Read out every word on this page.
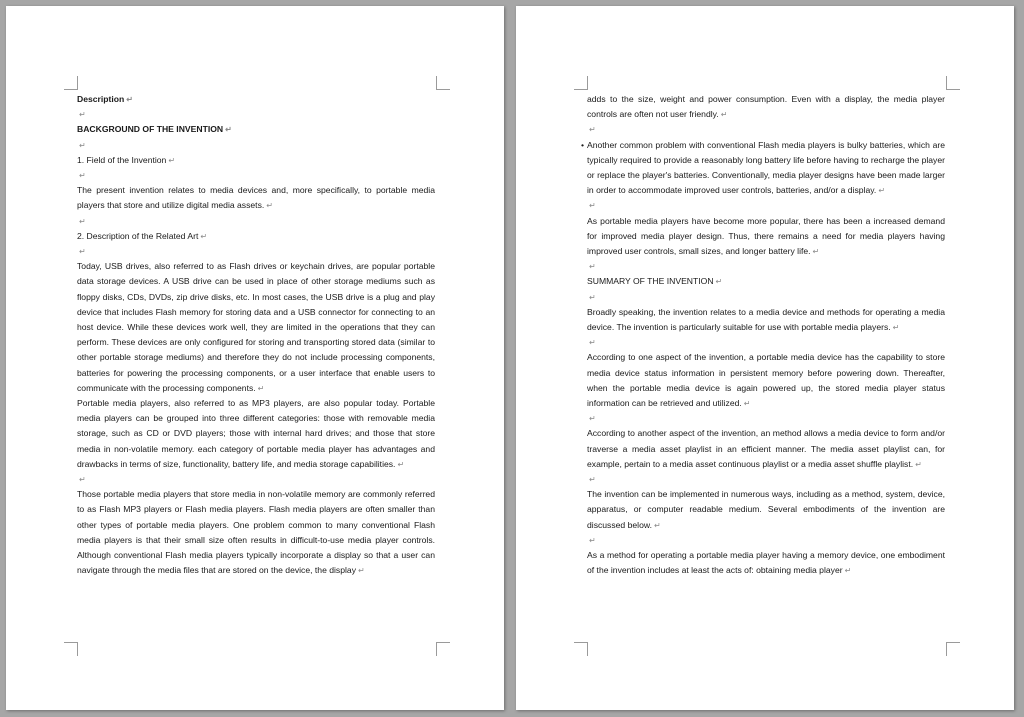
Description ↵

↵

BACKGROUND OF THE INVENTION ↵

↵

1. Field of the Invention ↵

↵

The present invention relates to media devices and, more specifically, to portable media players that store and utilize digital media assets. ↵

↵

2. Description of the Related Art ↵

↵

Today, USB drives, also referred to as Flash drives or keychain drives, are popular portable data storage devices. A USB drive can be used in place of other storage mediums such as floppy disks, CDs, DVDs, zip drive disks, etc. In most cases, the USB drive is a plug and play device that includes Flash memory for storing data and a USB connector for connecting to an host device. While these devices work well, they are limited in the operations that they can perform. These devices are only configured for storing and transporting stored data (similar to other portable storage mediums) and therefore they do not include processing components, batteries for powering the processing components, or a user interface that enable users to communicate with the processing components. ↵

Portable media players, also referred to as MP3 players, are also popular today. Portable media players can be grouped into three different categories: those with removable media storage, such as CD or DVD players; those with internal hard drives; and those that store media in non-volatile memory. each category of portable media player has advantages and drawbacks in terms of size, functionality, battery life, and media storage capabilities. ↵

↵

Those portable media players that store media in non-volatile memory are commonly referred to as Flash MP3 players or Flash media players. Flash media players are often smaller than other types of portable media players. One problem common to many conventional Flash media players is that their small size often results in difficult-to-use media player controls. Although conventional Flash media players typically incorporate a display so that a user can navigate through the media files that are stored on the device, the display ↵

adds to the size, weight and power consumption. Even with a display, the media player controls are often not user friendly. ↵

↵

• Another common problem with conventional Flash media players is bulky batteries, which are typically required to provide a reasonably long battery life before having to recharge the player or replace the player's batteries. Conventionally, media player designs have been made larger in order to accommodate improved user controls, batteries, and/or a display. ↵

↵

As portable media players have become more popular, there has been a increased demand for improved media player design. Thus, there remains a need for media players having improved user controls, small sizes, and longer battery life. ↵

↵

SUMMARY OF THE INVENTION ↵

↵

Broadly speaking, the invention relates to a media device and methods for operating a media device. The invention is particularly suitable for use with portable media players. ↵

↵

According to one aspect of the invention, a portable media device has the capability to store media device status information in persistent memory before powering down. Thereafter, when the portable media device is again powered up, the stored media player status information can be retrieved and utilized. ↵

↵

According to another aspect of the invention, an method allows a media device to form and/or traverse a media asset playlist in an efficient manner. The media asset playlist can, for example, pertain to a media asset continuous playlist or a media asset shuffle playlist. ↵

↵

The invention can be implemented in numerous ways, including as a method, system, device, apparatus, or computer readable medium. Several embodiments of the invention are discussed below. ↵

↵

As a method for operating a portable media player having a memory device, one embodiment of the invention includes at least the acts of: obtaining media player ↵
